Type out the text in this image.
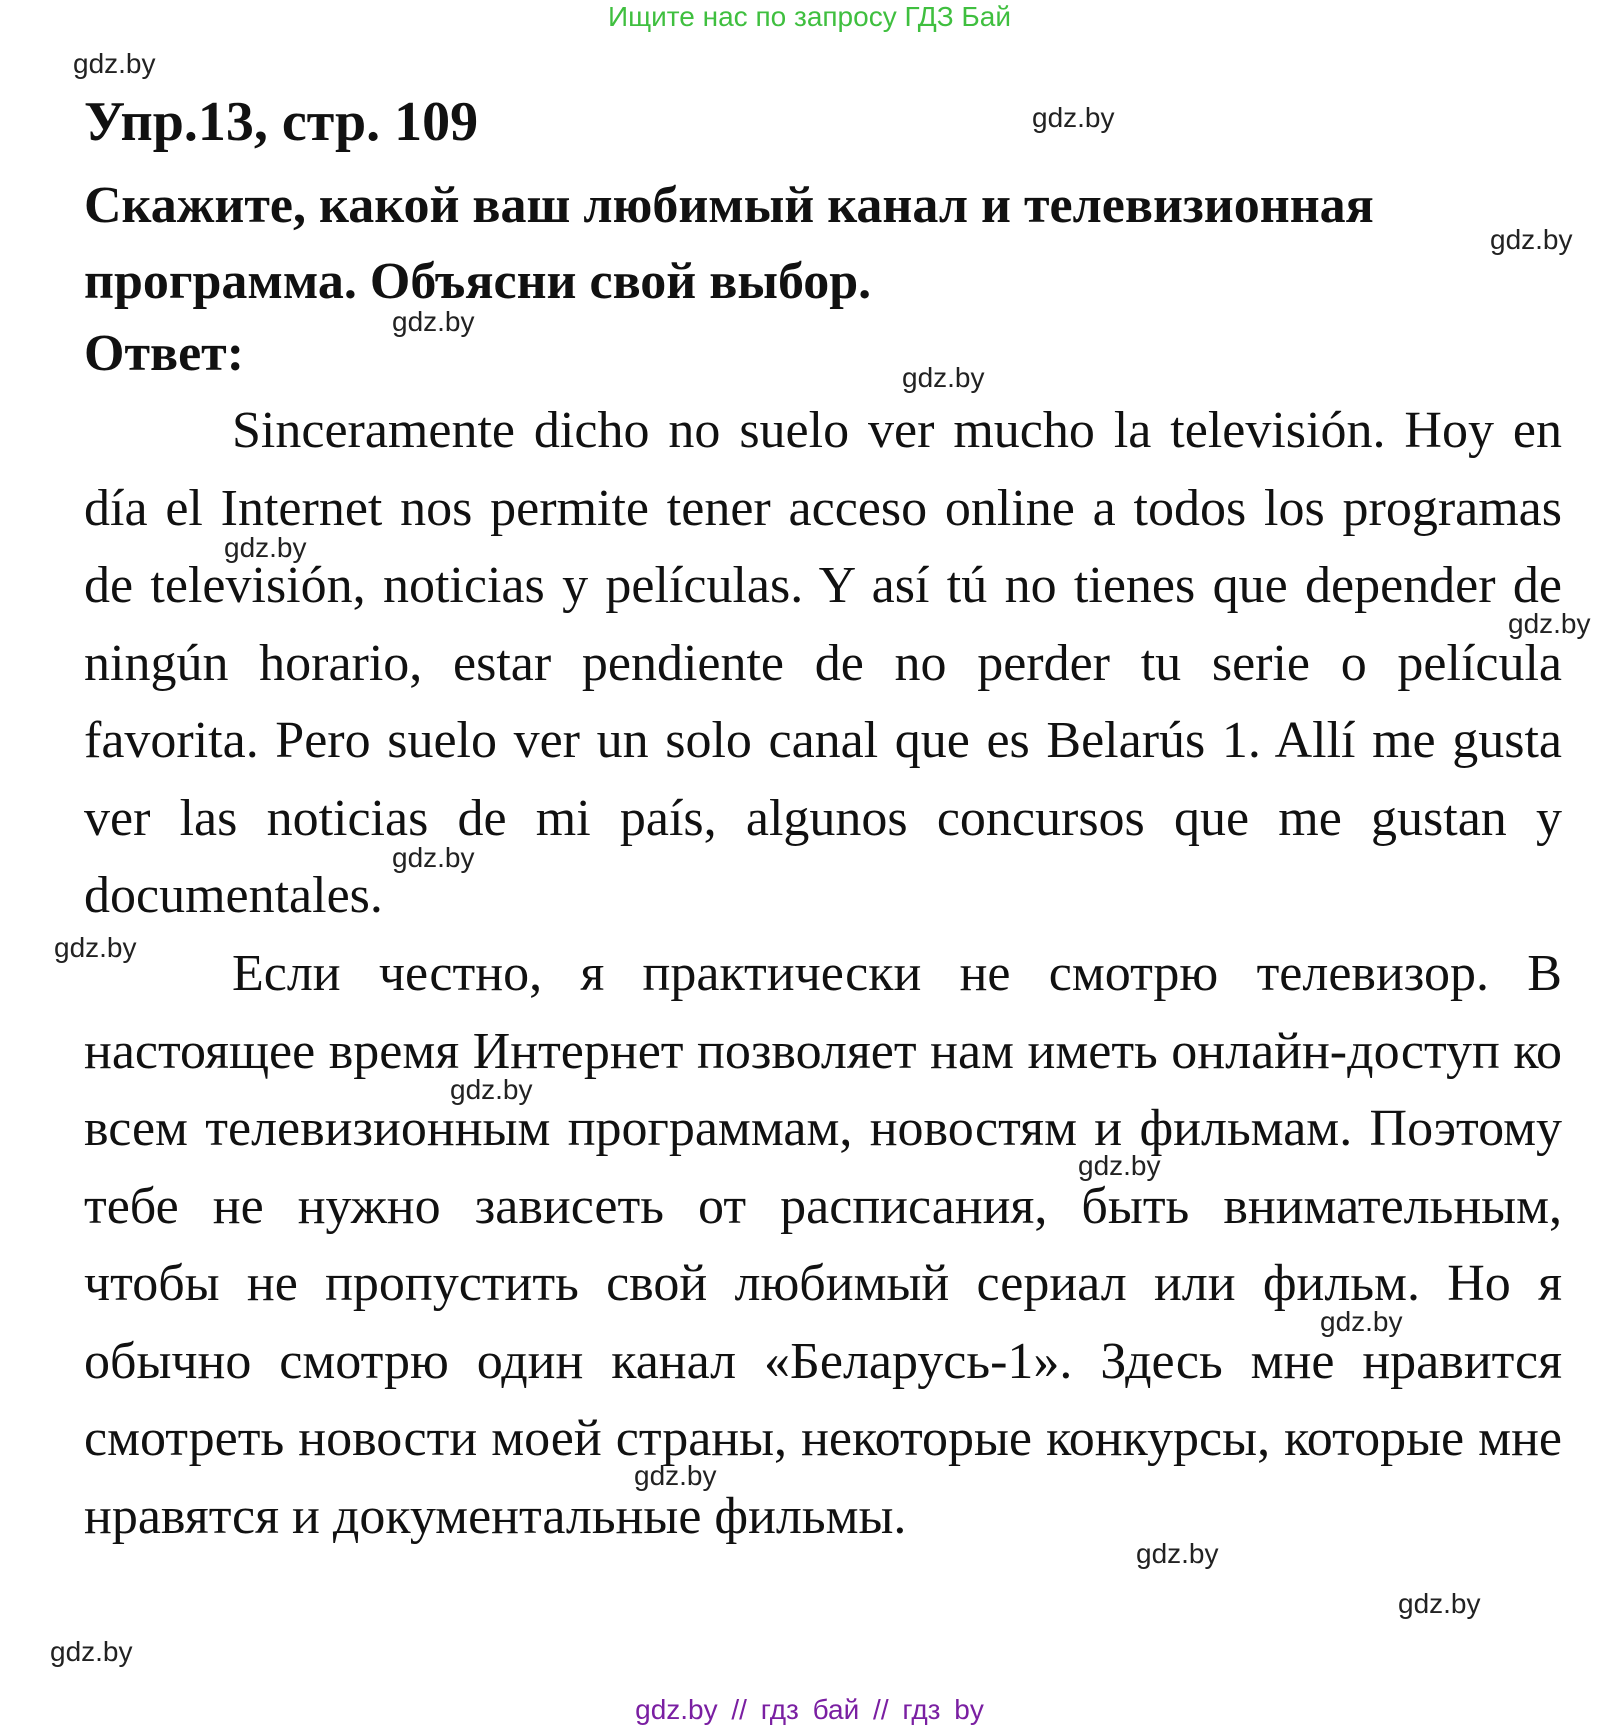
Ищите нас по запросу ГДЗ Бай
Упр.13, стр. 109

Скажите, какой ваш любимый канал и телевизионная программа. Объясни свой выбор.

Ответ:

Sinceramente dicho no suelo ver mucho la televisión. Hoy en día el Internet nos permite tener acceso online a todos los programas de televisión, noticias y películas. Y así tú no tienes que depender de ningún horario, estar pendiente de no perder tu serie o película favorita. Pero suelo ver un solo canal que es Belarús 1. Allí me gusta ver las noticias de mi país, algunos concursos que me gustan y documentales.

Если честно, я практически не смотрю телевизор. В настоящее время Интернет позволяет нам иметь онлайн-доступ ко всем телевизионным программам, новостям и фильмам. Поэтому тебе не нужно зависеть от расписания, быть внимательным, чтобы не пропустить свой любимый сериал или фильм. Но я обычно смотрю один канал «Беларусь-1». Здесь мне нравится смотреть новости моей страны, некоторые конкурсы, которые мне нравятся и документальные фильмы.

gdz.by
gdz.by
gdz.by
gdz.by
gdz.by
gdz.by
gdz.by
gdz.by
gdz.by
gdz.by
gdz.by
gdz.by
gdz.by
gdz.by
gdz.by
gdz.by
gdz.by // гдз бай // гдз by
